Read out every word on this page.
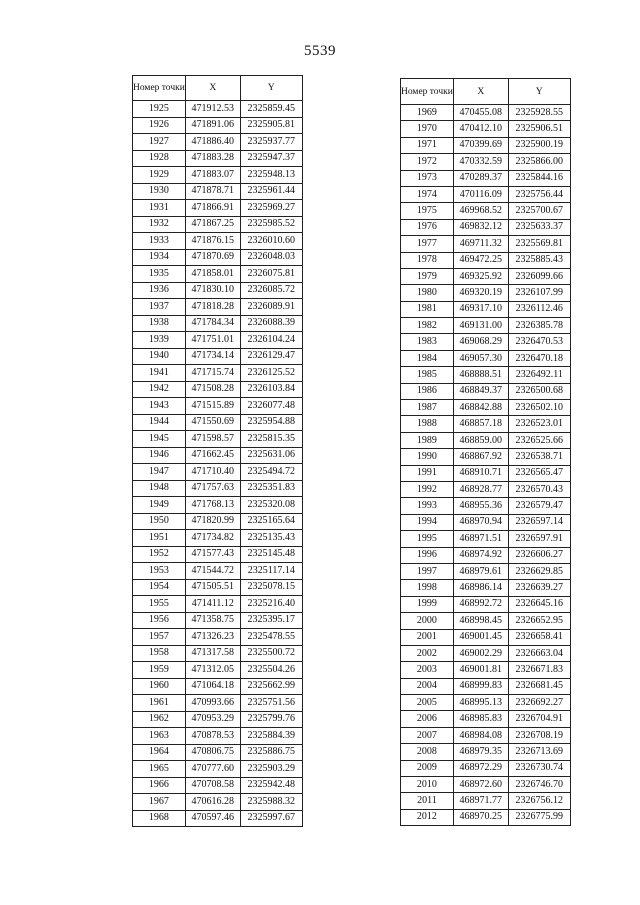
5539
Номер точки	X	Y
1925	471912.53	2325859.45
1926	471891.06	2325905.81
1927	471886.40	2325937.77
1928	471883.28	2325947.37
1929	471883.07	2325948.13
1930	471878.71	2325961.44
1931	471866.91	2325969.27
1932	471867.25	2325985.52
1933	471876.15	2326010.60
1934	471870.69	2326048.03
1935	471858.01	2326075.81
1936	471830.10	2326085.72
1937	471818.28	2326089.91
1938	471784.34	2326088.39
1939	471751.01	2326104.24
1940	471734.14	2326129.47
1941	471715.74	2326125.52
1942	471508.28	2326103.84
1943	471515.89	2326077.48
1944	471550.69	2325954.88
1945	471598.57	2325815.35
1946	471662.45	2325631.06
1947	471710.40	2325494.72
1948	471757.63	2325351.83
1949	471768.13	2325320.08
1950	471820.99	2325165.64
1951	471734.82	2325135.43
1952	471577.43	2325145.48
1953	471544.72	2325117.14
1954	471505.51	2325078.15
1955	471411.12	2325216.40
1956	471358.75	2325395.17
1957	471326.23	2325478.55
1958	471317.58	2325500.72
1959	471312.05	2325504.26
1960	471064.18	2325662.99
1961	470993.66	2325751.56
1962	470953.29	2325799.76
1963	470878.53	2325884.39
1964	470806.75	2325886.75
1965	470777.60	2325903.29
1966	470708.58	2325942.48
1967	470616.28	2325988.32
1968	470597.46	2325997.67
Номер точки	X	Y
1969	470455.08	2325928.55
1970	470412.10	2325906.51
1971	470399.69	2325900.19
1972	470332.59	2325866.00
1973	470289.37	2325844.16
1974	470116.09	2325756.44
1975	469968.52	2325700.67
1976	469832.12	2325633.37
1977	469711.32	2325569.81
1978	469472.25	2325885.43
1979	469325.92	2326099.66
1980	469320.19	2326107.99
1981	469317.10	2326112.46
1982	469131.00	2326385.78
1983	469068.29	2326470.53
1984	469057.30	2326470.18
1985	468888.51	2326492.11
1986	468849.37	2326500.68
1987	468842.88	2326502.10
1988	468857.18	2326523.01
1989	468859.00	2326525.66
1990	468867.92	2326538.71
1991	468910.71	2326565.47
1992	468928.77	2326570.43
1993	468955.36	2326579.47
1994	468970.94	2326597.14
1995	468971.51	2326597.91
1996	468974.92	2326606.27
1997	468979.61	2326629.85
1998	468986.14	2326639.27
1999	468992.72	2326645.16
2000	468998.45	2326652.95
2001	469001.45	2326658.41
2002	469002.29	2326663.04
2003	469001.81	2326671.83
2004	468999.83	2326681.45
2005	468995.13	2326692.27
2006	468985.83	2326704.91
2007	468984.08	2326708.19
2008	468979.35	2326713.69
2009	468972.29	2326730.74
2010	468972.60	2326746.70
2011	468971.77	2326756.12
2012	468970.25	2326775.99
